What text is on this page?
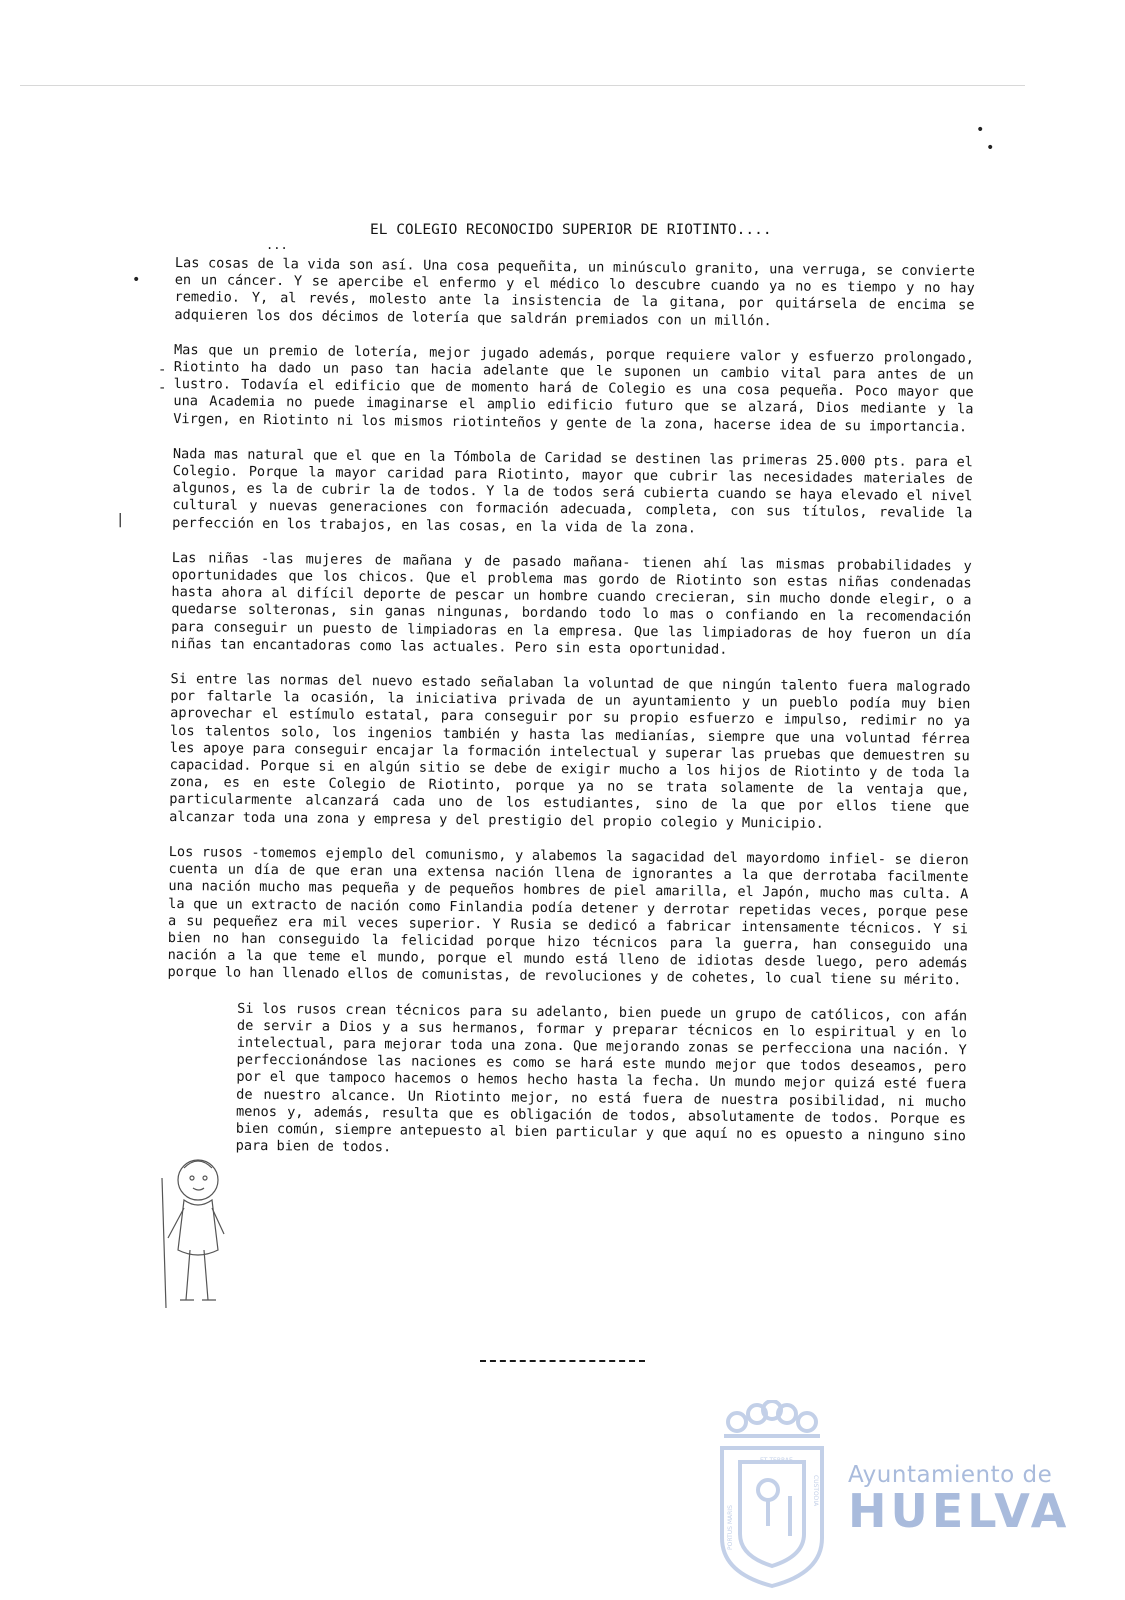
EL COLEGIO RECONOCIDO SUPERIOR DE RIOTINTO....
...

Las cosas de la vida son así. Una cosa pequeñita, un minúsculo granito, una verruga, se convierte en un cáncer. Y se apercibe el enfermo y el médico lo descubre cuando ya no es tiempo y no hay remedio. Y, al revés, molesto ante la insistencia de la gitana, por quitársela de encima se adquieren los dos décimos de lotería que saldrán premiados con un millón.

Mas que un premio de lotería, mejor jugado además, porque requiere valor y esfuerzo prolongado, Riotinto ha dado un paso tan hacia adelante que le suponen un cambio vital para antes de un lustro. Todavía el edificio que de momento hará de Colegio es una cosa pequeña. Poco mayor que una Academia no puede imaginarse el amplio edificio futuro que se alzará, Dios mediante y la Virgen, en Riotinto ni los mismos riotinteños y gente de la zona, hacerse idea de su importancia.

Nada mas natural que el que en la Tómbola de Caridad se destinen las primeras 25.000 pts. para el Colegio. Porque la mayor caridad para Riotinto, mayor que cubrir las necesidades materiales de algunos, es la de cubrir la de todos. Y la de todos será cubierta cuando se haya elevado el nivel cultural y nuevas generaciones con formación adecuada, completa, con sus títulos, revalide la perfección en los trabajos, en las cosas, en la vida de la zona.

Las niñas -las mujeres de mañana y de pasado mañana- tienen ahí las mismas probabilidades y oportunidades que los chicos. Que el problema mas gordo de Riotinto son estas niñas condenadas hasta ahora al difícil deporte de pescar un hombre cuando crecieran, sin mucho donde elegir, o a quedarse solteronas, sin ganas ningunas, bordando todo lo mas o confiando en la recomendación para conseguir un puesto de limpiadoras en la empresa. Que las limpiadoras de hoy fueron un día niñas tan encantadoras como las actuales. Pero sin esta oportunidad.

Si entre las normas del nuevo estado señalaban la voluntad de que ningún talento fuera malogrado por faltarle la ocasión, la iniciativa privada de un ayuntamiento y un pueblo podía muy bien aprovechar el estímulo estatal, para conseguir por su propio esfuerzo e impulso, redimir no ya los talentos solo, los ingenios también y hasta las medianías, siempre que una voluntad férrea les apoye para conseguir encajar la formación intelectual y superar las pruebas que demuestren su capacidad. Porque si en algún sitio se debe de exigir mucho a los hijos de Riotinto y de toda la zona, es en este Colegio de Riotinto, porque ya no se trata solamente de la ventaja que, particularmente alcanzará cada uno de los estudiantes, sino de la que por ellos tiene que alcanzar toda una zona y empresa y del prestigio del propio colegio y Municipio.

Los rusos -tomemos ejemplo del comunismo, y alabemos la sagacidad del mayordomo infiel- se dieron cuenta un día de que eran una extensa nación llena de ignorantes a la que derrotaba facilmente una nación mucho mas pequeña y de pequeños hombres de piel amarilla, el Japón, mucho mas culta. A la que un extracto de nación como Finlandia podía detener y derrotar repetidas veces, porque pese a su pequeñez era mil veces superior. Y Rusia se dedicó a fabricar intensamente técnicos. Y si bien no han conseguido la felicidad porque hizo técnicos para la guerra, han conseguido una nación a la que teme el mundo, porque el mundo está lleno de idiotas desde luego, pero además porque lo han llenado ellos de comunistas, de revoluciones y de cohetes, lo cual tiene su mérito.

Si los rusos crean técnicos para su adelanto, bien puede un grupo de católicos, con afán de servir a Dios y a sus hermanos, formar y preparar técnicos en lo espiritual y en lo intelectual, para mejorar toda una zona. Que mejorando zonas se perfecciona una nación. Y perfeccionándose las naciones es como se hará este mundo mejor que todos deseamos, pero por el que tampoco hacemos o hemos hecho hasta la fecha. Un mundo mejor quizá esté fuera de nuestro alcance. Un Riotinto mejor, no está fuera de nuestra posibilidad, ni mucho menos y, además, resulta que es obligación de todos, absolutamente de todos. Porque es bien común, siempre antepuesto al bien particular y que aquí no es opuesto a ninguno sino para bien de todos.

•
•
•
-
-
|
ET TERRAE
PORTUS MARIS
CUSTODIA Ayuntamiento de
HUELVA
